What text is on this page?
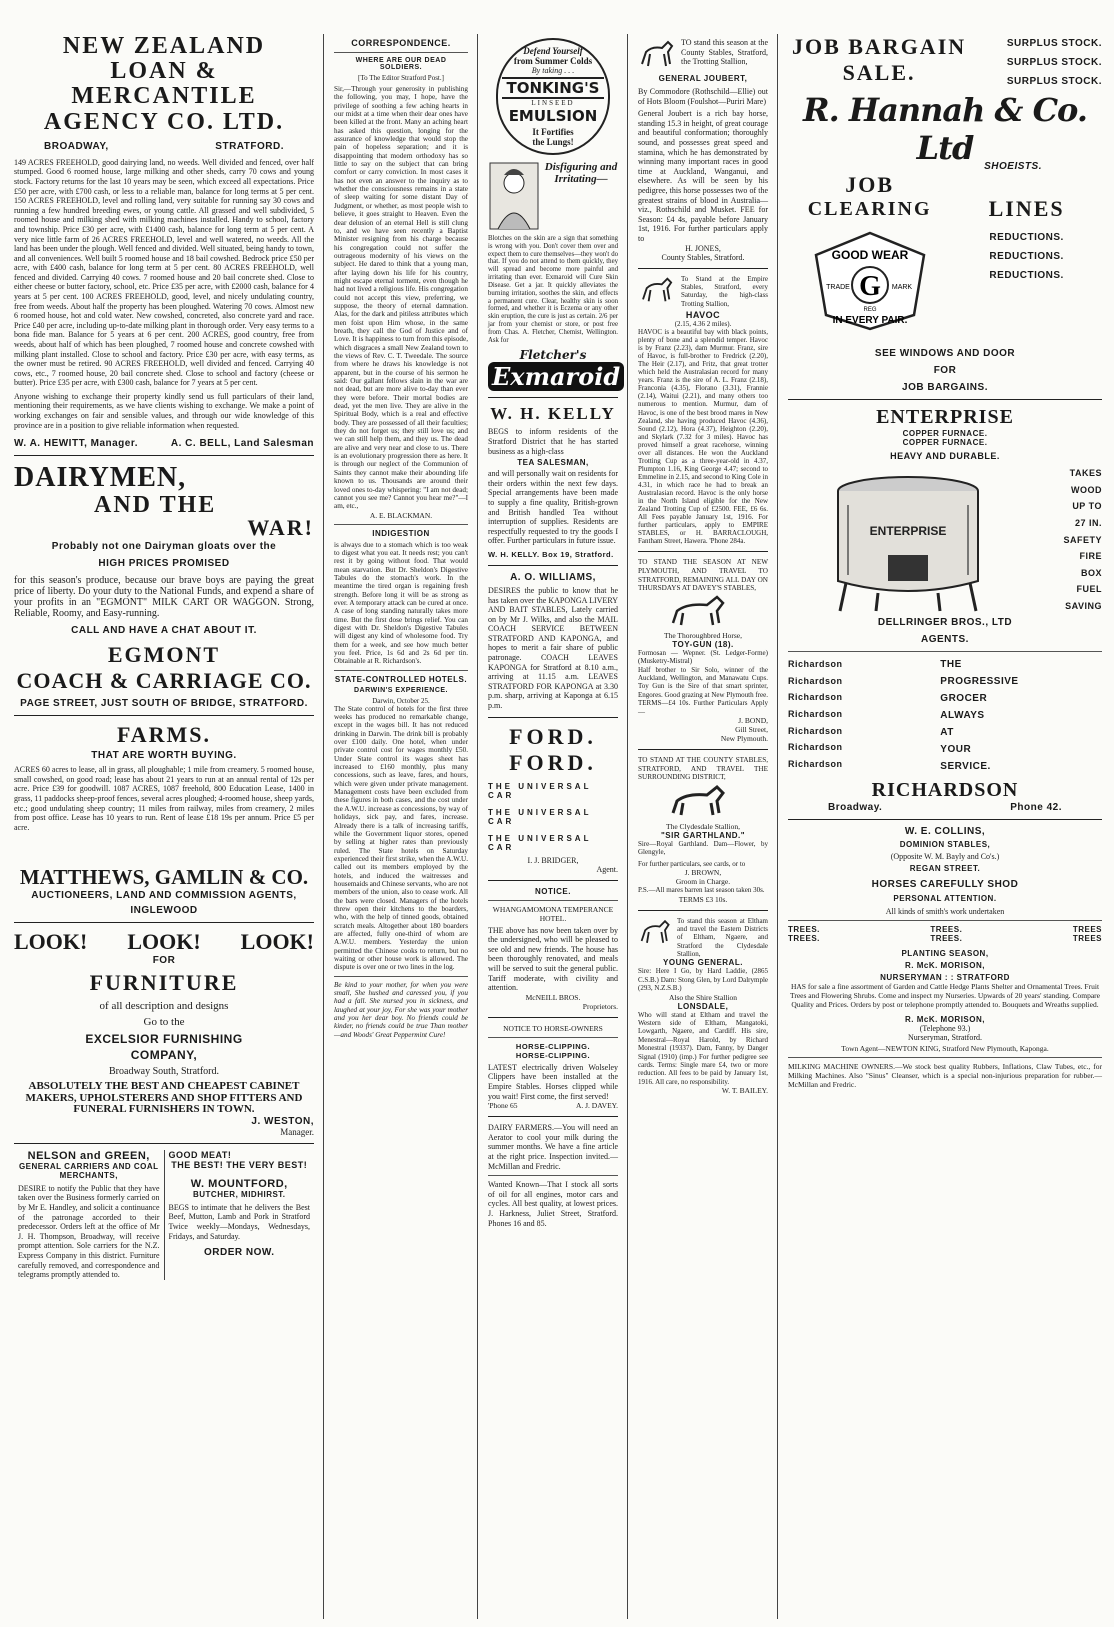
NEW ZEALAND
LOAN & MERCANTILE
AGENCY CO. LTD.
BROADWAY,	STRATFORD.
149 ACRES FREEHOLD, good dairying land, no weeds. Well divided and fenced, over half stumped. Good 6 roomed house, large milking and other sheds, carry 70 cows and young stock. Factory returns for the last 10 years may be seen, which exceed all expectations. Price £50 per acre, with £700 cash, or less to a reliable man, balance for long terms at 5 per cent. 150 ACRES FREEHOLD, level and rolling land, very suitable for running say 30 cows and running a few hundred breeding ewes, or young cattle. All grassed and well subdivided, 5 roomed house and milking shed with milking machines installed. Handy to school, factory and township. Price £30 per acre, with £1400 cash, balance for long term at 5 per cent. A very nice little farm of 26 ACRES FREEHOLD, level and well watered, no weeds. All the land has been under the plough. Well fenced and divided. Well situated, being handy to town, and all conveniences. Well built 5 roomed house and 18 bail cowshed. Bedrock price £50 per acre, with £400 cash, balance for long term at 5 per cent. 80 ACRES FREEHOLD, well fenced and divided. Carrying 40 cows. 7 roomed house and 20 bail concrete shed. Close to either cheese or butter factory, school, etc. Price £35 per acre, with £2000 cash, balance for 4 years at 5 per cent. 100 ACRES FREEHOLD, good, level, and nicely undulating country, free from weeds. About half the property has been ploughed. Watering 70 cows. Almost new 6 roomed house, hot and cold water. New cowshed, concreted, also concrete yard and race. Price £40 per acre, including up-to-date milking plant in thorough order. Very easy terms to a bona fide man. Balance for 5 years at 6 per cent. 200 ACRES, good country, free from weeds, about half of which has been ploughed, 7 roomed house and concrete cowshed with milking plant installed. Close to school and factory. Price £30 per acre, with easy terms, as the owner must be retired. 90 ACRES FREEHOLD, well divided and fenced. Carrying 40 cows, etc., 7 roomed house, 20 bail concrete shed. Close to school and factory (cheese or butter). Price £35 per acre, with £300 cash, balance for 7 years at 5 per cent.
Anyone wishing to exchange their property kindly send us full particulars of their land, mentioning their requirements, as we have clients wishing to exchange. We make a point of working exchanges on fair and sensible values, and through our wide knowledge of this province are in a position to give reliable information when requested.
W. A. HEWITT, Manager.	A. C. BELL, Land Salesman
DAIRYMEN,
AND THE
WAR!
Probably not one Dairyman gloats over the
HIGH PRICES PROMISED
for this season's produce, because our brave boys are paying the great price of liberty. Do your duty to the National Funds, and expend a share of your profits in an "EGMONT" MILK CART OR WAGGON. Strong, Reliable, Roomy, and Easy-running.
CALL AND HAVE A CHAT ABOUT IT.
EGMONT
COACH & CARRIAGE CO.
PAGE STREET, JUST SOUTH OF BRIDGE, STRATFORD.
FARMS.
THAT ARE WORTH BUYING.
ACRES 60 acres to lease, all in grass, all ploughable; 1 mile from creamery. 5 roomed house, small cowshed, on good road; lease has about 21 years to run at an annual rental of 12s per acre. Price £39 for goodwill. 1087 ACRES, 1087 freehold, 800 Education Lease, 1400 in grass, 11 paddocks sheep-proof fences, several acres ploughed; 4-roomed house, sheep yards, etc.; good undulating sheep country; 11 miles from railway, miles from creamery, 2 miles from post office. Lease has 10 years to run. Rent of lease £18 19s per annum. Price £5 per acre.
MATTHEWS, GAMLIN & CO.
AUCTIONEERS, LAND AND COMMISSION AGENTS,
INGLEWOOD
LOOK! LOOK! LOOK!
FOR
FURNITURE
of all description and designs
Go to the
EXCELSIOR FURNISHING
COMPANY,
Broadway South, Stratford.
ABSOLUTELY THE BEST AND CHEAPEST CABINET MAKERS, UPHOLSTERERS AND SHOP FITTERS AND FUNERAL FURNISHERS IN TOWN.
J. WESTON,
Manager.
NELSON and GREEN,
GENERAL CARRIERS AND COAL MERCHANTS,
DESIRE to notify the Public that they have taken over the Business formerly carried on by Mr E. Handley, and solicit a continuance of the patronage accorded to their predecessor. Orders left at the office of Mr J. H. Thompson, Broadway, will receive prompt attention. Sole carriers for the N.Z. Express Company in this district. Furniture carefully removed, and correspondence and telegrams promptly attended to.
GOOD MEAT!
THE BEST! THE VERY BEST!
W. MOUNTFORD,
BUTCHER, MIDHIRST.
BEGS to intimate that he delivers the Best Beef, Mutton, Lamb and Pork in Stratford Twice weekly—Mondays, Wednesdays, Fridays, and Saturday.
ORDER NOW.
CORRESPONDENCE.
WHERE ARE OUR DEAD SOLDIERS.
[To The Editor Stratford Post.]
Sir,—Through your generosity in publishing the following, you may, I hope, have the privilege of soothing a few aching hearts in our midst at a time when their dear ones have been killed at the front. Many an aching heart has asked this question, longing for the assurance of knowledge that would stop the pain of hopeless separation; and it is disappointing that modern orthodoxy has so little to say on the subject that can bring comfort or carry conviction. In most cases it has not even an answer to the inquiry as to whether the consciousness remains in a state of sleep waiting for some distant Day of Judgment, or whether, as most people wish to believe, it goes straight to Heaven. Even the dear delusion of an eternal Hell is still clung to, and we have seen recently a Baptist Minister resigning from his charge because his congregation could not suffer the outrageous modernity of his views on the subject. He dared to think that a young man, after laying down his life for his country, might escape eternal torment, even though he had not lived a religious life. His congregation could not accept this view, preferring, we suppose, the theory of eternal damnation. Alas, for the dark and pitiless attributes which men foist upon Him whose, in the same breath, they call the God of Justice and of Love. It is happiness to turn from this episode, which disgraces a small New Zealand town to the views of Rev. C. T. Tweedale. The source from where he draws his knowledge is not apparent, but in the course of his sermon he said: Our gallant fellows slain in the war are not dead, but are more alive to-day than ever they were before. Their mortal bodies are dead, yet the men live. They are alive in the Spiritual Body, which is a real and effective body. They are possessed of all their faculties; they do not forget us; they still love us; and we can still help them, and they us. The dead are alive and very near and close to us. There is an evolutionary progression there as here. It is through our neglect of the Communion of Saints they cannot make their abounding life known to us. Thousands are around their loved ones to-day whispering: "I am not dead; cannot you see me? Cannot you hear me?"—I am, etc.,
A. E. BLACKMAN.
INDIGESTION
is always due to a stomach which is too weak to digest what you eat. It needs rest; you can't rest it by going without food. That would mean starvation. But Dr. Sheldon's Digestive Tabules do the stomach's work. In the meantime the tired organ is regaining fresh strength. Before long it will be as strong as ever. A temporary attack can be cured at once. A case of long standing naturally takes more time. But the first dose brings relief. You can digest with Dr. Sheldon's Digestive Tabules will digest any kind of wholesome food. Try them for a week, and see how much better you feel. Price, 1s 6d and 2s 6d per tin. Obtainable at R. Richardson's.
STATE-CONTROLLED HOTELS.
DARWIN'S EXPERIENCE.
Darwin, October 25.
The State control of hotels for the first three weeks has produced no remarkable change, except in the wages bill. It has not reduced drinking in Darwin. The drink bill is probably over £100 daily. One hotel, when under private control cost for wages monthly £50. Under State control its wages sheet has increased to £160 monthly, plus many concessions, such as leave, fares, and hours, which were given under private management. Management costs have been excluded from these figures in both cases, and the cost under the A.W.U. increase as concessions, by way of holidays, sick pay, and fares, increase. Already there is a talk of increasing tariffs, while the Government liquor stores, opened by selling at higher rates than previously ruled. The State hotels on Saturday experienced their first strike, when the A.W.U. called out its members employed by the hotels, and induced the waitresses and housemaids and Chinese servants, who are not members of the union, also to cease work. All the bars were closed. Managers of the hotels threw open their kitchens to the boarders, who, with the help of tinned goods, obtained scratch meals. Altogether about 180 boarders are affected, fully one-third of whom are A.W.U. members. Yesterday the union permitted the Chinese cooks to return, but no waiting or other house work is allowed. The dispute is over one or two lines in the log.
Be kind to your mother, for when you were small, She hushed and caressed you, if you had a fall. She nursed you in sickness, and laughed at your joy, For she was your mother and you her dear boy. No friends could be kinder, no friends could be true Than mother—and Woods' Great Peppermint Cure!
Defend Yourself
from Summer Colds
By taking . . .
TONKING'S
LINSEED
EMULSION
It Fortifies
the Lungs!
Disfiguring and
Irritating—
Blotches on the skin are a sign that something is wrong with you. Don't cover them over and expect them to cure themselves—they won't do that. If you do not attend to them quickly, they will spread and become more painful and irritating than ever. Exmaroid will Cure Skin Disease. Get a jar. It quickly alleviates the burning irritation, soothes the skin, and effects a permanent cure. Clear, healthy skin is soon formed, and whether it is Eczema or any other skin eruption, the cure is just as certain. 2/6 per jar from your chemist or store, or post free from Chas. A. Fletcher, Chemist, Wellington. Ask for
Fletcher's
Exmaroid
W. H. KELLY
BEGS to inform residents of the Stratford District that he has started business as a high-class
TEA SALESMAN,
and will personally wait on residents for their orders within the next few days. Special arrangements have been made to supply a fine quality, British-grown and British handled Tea without interruption of supplies. Residents are respectfully requested to try the goods I offer. Further particulars in future issue.
W. H. KELLY. Box 19, Stratford.
A. O. WILLIAMS,
DESIRES the public to know that he has taken over the KAPONGA LIVERY AND BAIT STABLES, Lately carried on by Mr J. Wilks, and also the MAIL COACH SERVICE BETWEEN STRATFORD AND KAPONGA, and hopes to merit a fair share of public patronage. COACH LEAVES KAPONGA for Stratford at 8.10 a.m., arriving at 11.15 a.m. LEAVES STRATFORD FOR KAPONGA at 3.30 p.m. sharp, arriving at Kaponga at 6.15 p.m.
FORD.
FORD.
THE UNIVERSAL CAR
THE UNIVERSAL CAR
THE UNIVERSAL CAR
I. J. BRIDGER,
Agent.
NOTICE.
WHANGAMOMONA TEMPERANCE HOTEL.
THE above has now been taken over by the undersigned, who will be pleased to see old and new friends. The house has been thoroughly renovated, and meals will be served to suit the general public. Tariff moderate, with civility and attention.
McNEILL BROS.
Proprietors.
NOTICE TO HORSE-OWNERS
HORSE-CLIPPING.
HORSE-CLIPPING.
LATEST electrically driven Wolseley Clippers have been installed at the Empire Stables. Horses clipped while you wait! First come, the first served!
'Phone 65	A. J. DAVEY.
DAIRY FARMERS.—You will need an Aerator to cool your milk during the summer months. We have a fine article at the right price. Inspection invited.—McMillan and Fredric.
Wanted Known—That I stock all sorts of oil for all engines, motor cars and cycles. All best quality, at lowest prices. J. Harkness, Juliet Street, Stratford. Phones 16 and 85.
TO stand this season at the County Stables, Stratford, the Trotting Stallion,
GENERAL JOUBERT,
By Commodore (Rothschild—Ellie) out of Hots Bloom (Foulshot—Puriri Mare)
General Joubert is a rich bay horse, standing 15.3 in height, of great courage and beautiful conformation; thoroughly sound, and possesses great speed and stamina, which he has demonstrated by winning many important races in good time at Auckland, Wanganui, and elsewhere. As will be seen by his pedigree, this horse possesses two of the greatest strains of blood in Australia—viz., Rothschild and Musket. FEE for Season: £4 4s, payable before January 1st, 1916. For further particulars apply to
H. JONES,
County Stables, Stratford.
To Stand at the Empire Stables, Stratford, every Saturday, the high-class Trotting Stallion,
HAVOC
(2.15, 4.36 2 miles).
HAVOC is a beautiful bay with black points, plenty of bone and a splendid temper. Havoc is by Franz (2.23), dam Murmur. Franz, sire of Havoc, is full-brother to Fredrick (2.20), The Heir (2.17), and Fritz, that great trotter which held the Australasian record for many years. Franz is the sire of A. L. Franz (2.18), Franconia (4.35), Florano (3.31), Frannie (2.14), Waitui (2.21), and many others too numerous to mention. Murmur, dam of Havoc, is one of the best brood mares in New Zealand, she having produced Havoc (4.36), Sound (2.12), Hora (4.37), Heighton (2.20), and Skylark (7.32 for 3 miles). Havoc has proved himself a great racehorse, winning over all distances. He won the Auckland Trotting Cup as a three-year-old in 4.37, Plumpton 1.16, King George 4.47; second to Emmeline in 2.15, and second to King Cole in 4.31, in which race he had to break an Australasian record. Havoc is the only horse in the North Island eligible for the New Zealand Trotting Cup of £2500. FEE, £6 6s. All Fees payable January 1st, 1916. For further particulars, apply to EMPIRE STABLES, or H. BARRACLOUGH, Fantham Street, Hawera. 'Phone 284a.
TO STAND THE SEASON AT NEW PLYMOUTH, AND TRAVEL TO STRATFORD, REMAINING ALL DAY ON THURSDAYS AT DAVEY'S STABLES,
The Thoroughbred Horse,
TOY-GUN (18).
Formosan — Wepner. (St. Ledger-Forme) (Musketry-Mistral)
Half brother to Sir Solo, winner of the Auckland, Wellington, and Manawatu Cups. Toy Gun is the Sire of that smart sprinter, Engores. Good grazing at New Plymouth free. TERMS—£4 10s. Further Particulars Apply—
J. BOND,
Gill Street,
New Plymouth.
TO STAND AT THE COUNTY STABLES, STRATFORD, AND TRAVEL THE SURROUNDING DISTRICT,
The Clydesdale Stallion,
"SIR GARTHLAND."
Sire—Royal Garthland. Dam—Flower, by Glengyle,
For further particulars, see cards, or to
J. BROWN,
Groom in Charge.
P.S.—All mares barren last season taken 30s.
TERMS £3 10s.
To stand this season at Eltham and travel the Eastern Districts of Eltham, Ngaere, and Stratford the Clydesdale Stallion,
YOUNG GENERAL.
Sire: Here I Go, by Hard Laddie, (2865 C.S.B.) Dam: Stong Glen, by Lord Dalrymple (293, N.Z.S.B.)
Also the Shire Stallion
LONSDALE,
Who will stand at Eltham and travel the Western side of Eltham, Mangatoki, Lowgarth, Ngaere, and Cardiff. His sire, Menestral—Royal Harold, by Richard Monestral (19337). Dam, Fanny, by Danger Signal (1910) (imp.) For further pedigree see cards. Terms: Single mare £4, two or more reduction. All fees to be paid by January 1st, 1916. All care, no responsibility.
W. T. BAILEY.
JOB BARGAIN
SALE.
SURPLUS STOCK.
SURPLUS STOCK.
SURPLUS STOCK.
R. Hannah & Co. Ltd	SHOEISTS.
JOB
CLEARING
GOOD WEAR
G
TRADE	MARK
REG
IN EVERY PAIR.
LINES
REDUCTIONS.
REDUCTIONS.
REDUCTIONS.
SEE WINDOWS AND DOOR
FOR
JOB BARGAINS.
ENTERPRISE
COPPER FURNACE.
COPPER FURNACE.
HEAVY AND DURABLE.
ENTERPRISE
TAKES
WOOD
UP TO
27 IN.
SAFETY
FIRE
BOX
FUEL
SAVING
DELLRINGER BROS., LTD
AGENTS.
Richardson
Richardson
Richardson
Richardson
Richardson
Richardson
Richardson
THE
PROGRESSIVE
GROCER
ALWAYS
AT
YOUR
SERVICE.
RICHARDSON
Broadway.	Phone 42.
W. E. COLLINS,
DOMINION STABLES,
(Opposite W. M. Bayly and Co's.)
REGAN STREET.
HORSES CAREFULLY SHOD
PERSONAL ATTENTION.
All kinds of smith's work undertaken
TREES.	TREES.	TREES
TREES.	TREES.	TREES
PLANTING SEASON,
R. McK. MORISON,
NURSERYMAN : : STRATFORD
HAS for sale a fine assortment of Garden and Cattle Hedge Plants Shelter and Ornamental Trees. Fruit Trees and Flowering Shrubs. Come and inspect my Nurseries. Upwards of 20 years' standing. Compare Quality and Prices. Orders by post or telephone promptly attended to. Bouquets and Wreaths supplied.
R. McK. MORISON,
(Telephone 93.)
Nurseryman, Stratford.
Town Agent—NEWTON KING, Stratford New Plymouth, Kaponga.
MILKING MACHINE OWNERS.—We stock best quality Rubbers, Inflations, Claw Tubes, etc., for Milking Machines. Also "Sinus" Cleanser, which is a special non-injurious preparation for rubber.—McMillan and Fredric.
